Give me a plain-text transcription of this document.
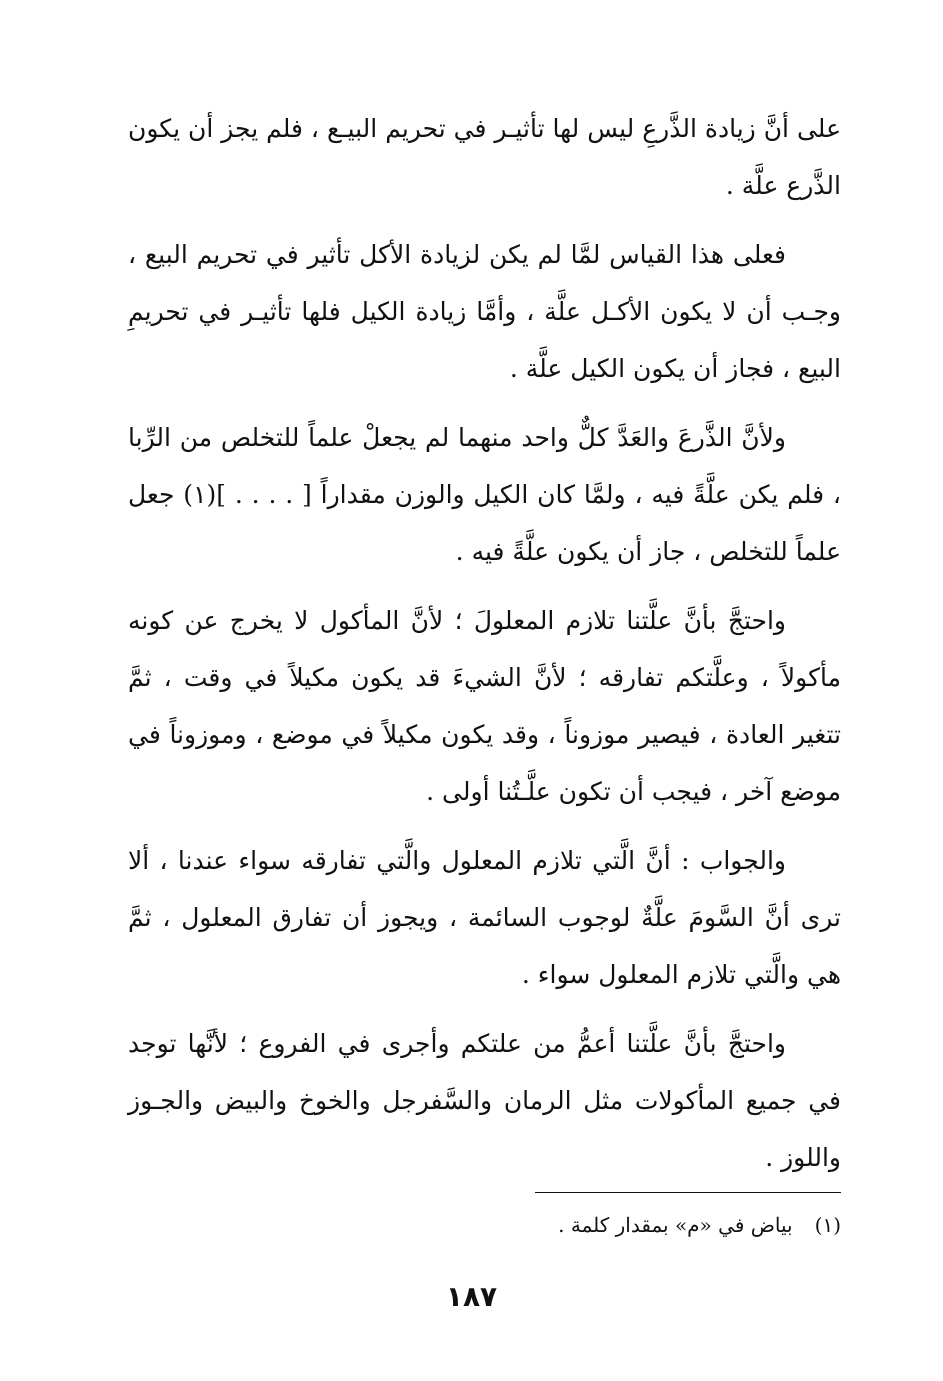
على أنَّ زيادة الذَّرعِ ليس لها تأثيـر في تحريم البيـع ، فلم يجز أن يكون الذَّرع علَّة .

فعلى هذا القياس لمَّا لم يكن لزيادة الأكل تأثير في تحريم البيع ، وجـب أن لا يكون الأكـل علَّة ، وأمَّا زيادة الكيل فلها تأثيـر في تحريمِ البيع ، فجاز أن يكون الكيل علَّة .

ولأنَّ الذَّرعَ والعَدَّ كلٌّ واحد منهما لم يجعلْ علماً للتخلص من الرِّبا ، فلم يكن علَّةً فيه ، ولمَّا كان الكيل والوزن مقداراً [ . . . . ](١) جعل علماً للتخلص ، جاز أن يكون علَّةً فيه .

واحتجَّ بأنَّ علَّتنا تلازم المعلولَ ؛ لأنَّ المأكول لا يخرج عن كونه مأكولاً ، وعلَّتكم تفارقه ؛ لأنَّ الشيءَ قد يكون مكيلاً في وقت ، ثمَّ تتغير العادة ، فيصير موزوناً ، وقد يكون مكيلاً في موضع ، وموزوناً في موضع آخر ، فيجب أن تكون علَّـتُنا أولى .

والجواب : أنَّ الَّتي تلازم المعلول والَّتي تفارقه سواء عندنا ، ألا ترى أنَّ السَّومَ علَّةٌ لوجوب السائمة ، ويجوز أن تفارق المعلول ، ثمَّ هي والَّتي تلازم المعلول سواء .

واحتجَّ بأنَّ علَّتنا أعمُّ من علتكم وأجرى في الفروع ؛ لأنَّها توجد في جميع المأكولات مثل الرمان والسَّفرجل والخوخ والبيض والجـوز واللوز .

(١)بياض في «م» بمقدار كلمة .
١٨٧
